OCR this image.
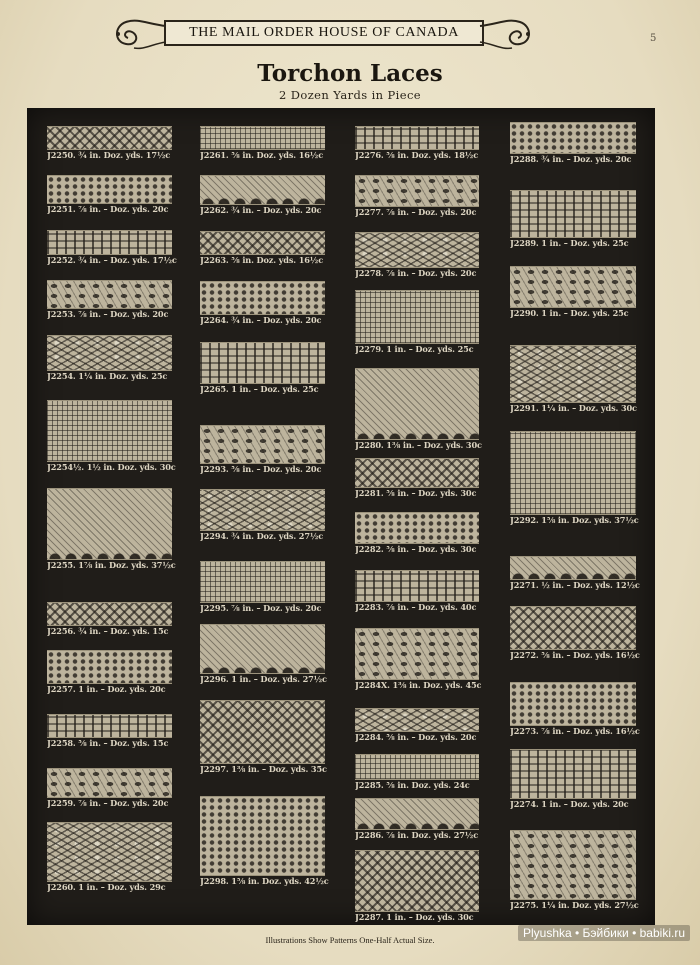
THE MAIL ORDER HOUSE OF CANADA	5
Torchon Laces
2 Dozen Yards in Piece
J2250. ¾ in. Doz. yds. 17½c
J2251. ⅞ in. – Doz. yds. 20c
J2252. ¾ in. – Doz. yds. 17½c
J2253. ⅞ in. – Doz. yds. 20c
J2254. 1¼ in. Doz. yds. 25c
J2254½. 1½ in. Doz. yds. 30c
J2255. 1⅞ in. Doz. yds. 37½c
J2256. ¾ in. – Doz. yds. 15c
J2257. 1 in. – Doz. yds. 20c
J2258. ⅝ in. – Doz. yds. 15c
J2259. ⅞ in. – Doz. yds. 20c
J2260. 1 in. – Doz. yds. 29c
J2261. ⅝ in. Doz. yds. 16½c
J2262. ¾ in. – Doz. yds. 20c
J2263. ⅝ in. Doz. yds. 16½c
J2264. ¾ in. – Doz. yds. 20c
J2265. 1 in. – Doz. yds. 25c
J2293. ⅝ in. – Doz. yds. 20c
J2294. ¾ in. Doz. yds. 27½c
J2295. ⅞ in. – Doz. yds. 20c
J2296. 1 in. – Doz. yds. 27½c
J2297. 1⅜ in. – Doz. yds. 35c
J2298. 1⅝ in. Doz. yds. 42½c
J2276. ⅝ in. Doz. yds. 18½c
J2277. ⅞ in. – Doz. yds. 20c
J2278. ⅞ in. – Doz. yds. 20c
J2279. 1 in. – Doz. yds. 25c
J2280. 1⅜ in. – Doz. yds. 30c
J2281. ⅝ in. – Doz. yds. 30c
J2282. ⅝ in. – Doz. yds. 30c
J2283. ⅞ in. – Doz. yds. 40c
J2284X. 1⅜ in. Doz. yds. 45c
J2284. ⅝ in. – Doz. yds. 20c
J2285. ⅝ in. Doz. yds. 24c
J2286. ⅞ in. Doz. yds. 27½c
J2287. 1 in. – Doz. yds. 30c
J2288. ¾ in. – Doz. yds. 20c
J2289. 1 in. – Doz. yds. 25c
J2290. 1 in. – Doz. yds. 25c
J2291. 1¼ in. – Doz. yds. 30c
J2292. 1⅝ in. Doz. yds. 37½c
J2271. ½ in. – Doz. yds. 12½c
J2272. ⅝ in. – Doz. yds. 16½c
J2273. ⅞ in. – Doz. yds. 16½c
J2274. 1 in. – Doz. yds. 20c
J2275. 1¼ in. Doz. yds. 27½c
Illustrations Show Patterns One-Half Actual Size.	Plyushka • Бэйбики • babiki.ru
